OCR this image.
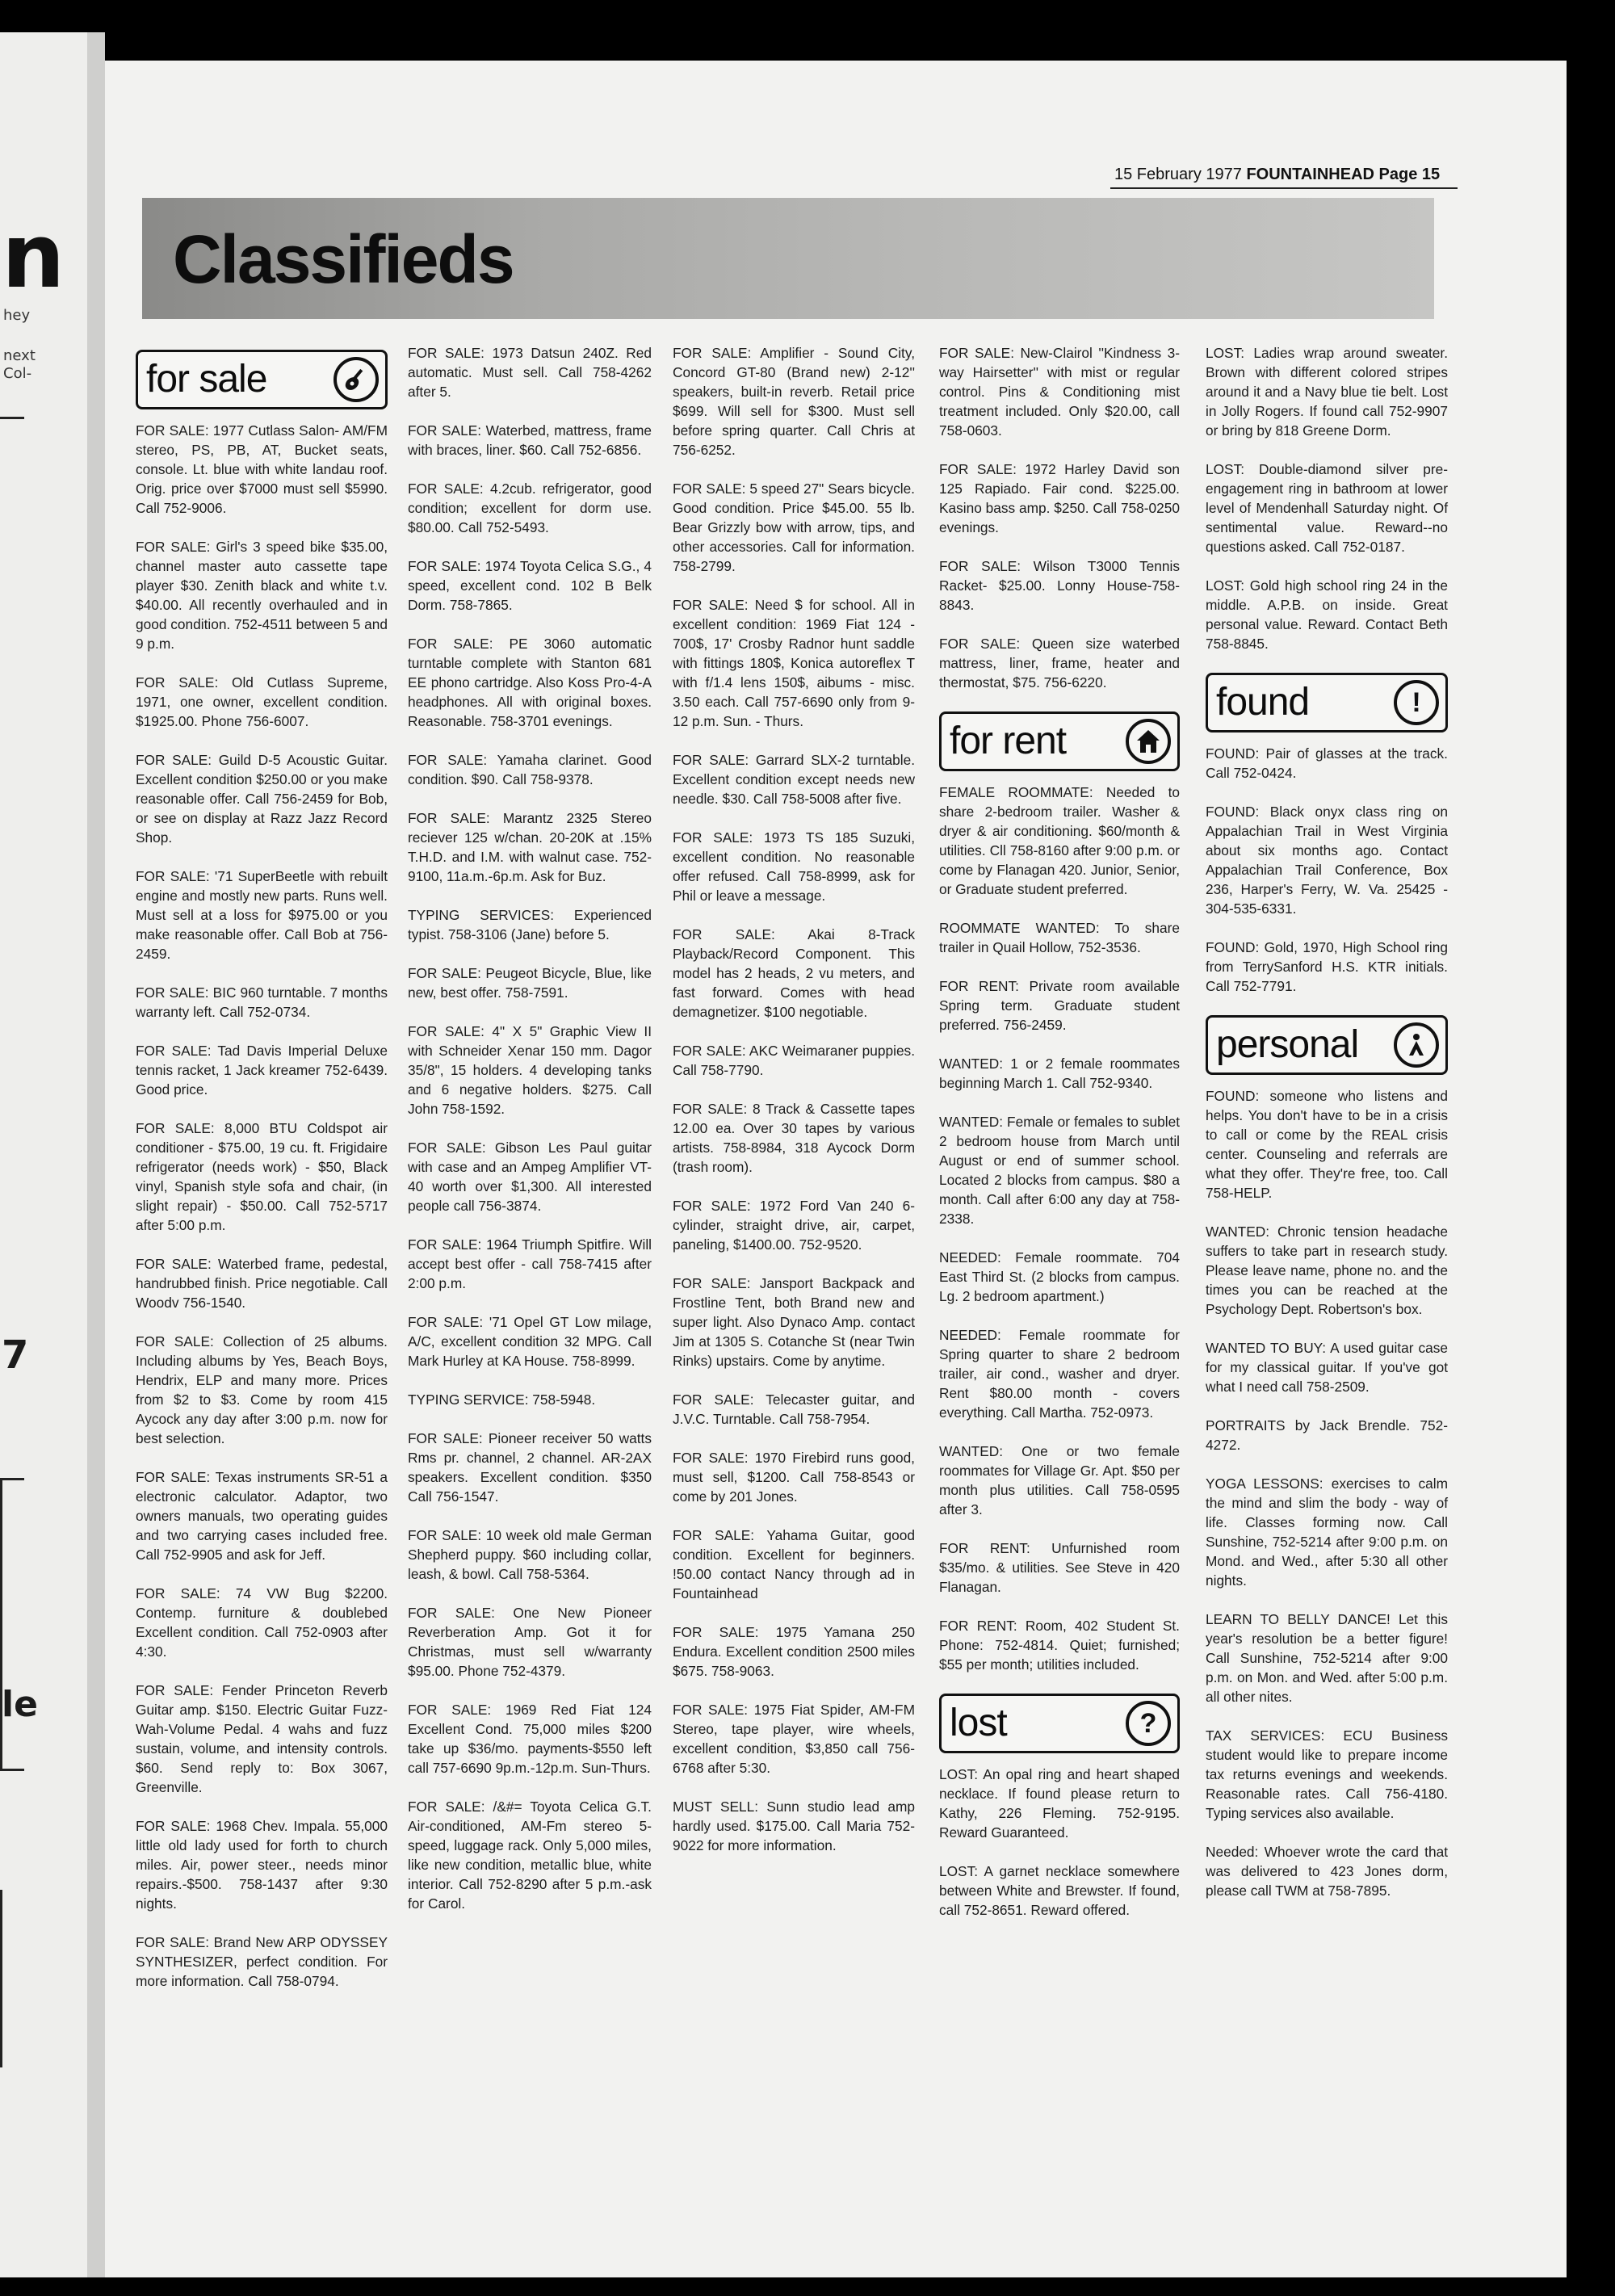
n
hey
next
Col-
7
le
15 February 1977 FOUNTAINHEAD Page 15
Classifieds
for sale

FOR SALE: 1977 Cutlass Salon- AM/FM stereo, PS, PB, AT, Bucket seats, console. Lt. blue with white landau roof. Orig. price over $7000 must sell $5990. Call 752-9006.

FOR SALE: Girl's 3 speed bike $35.00, channel master auto cassette tape player $30. Zenith black and white t.v. $40.00. All recently overhauled and in good condition. 752-4511 between 5 and 9 p.m.

FOR SALE: Old Cutlass Supreme, 1971, one owner, excellent condition. $1925.00. Phone 756-6007.

FOR SALE: Guild D-5 Acoustic Guitar. Excellent condition $250.00 or you make reasonable offer. Call 756-2459 for Bob, or see on display at Razz Jazz Record Shop.

FOR SALE: '71 SuperBeetle with rebuilt engine and mostly new parts. Runs well. Must sell at a loss for $975.00 or you make reasonable offer. Call Bob at 756-2459.

FOR SALE: BIC 960 turntable. 7 months warranty left. Call 752-0734.

FOR SALE: Tad Davis Imperial Deluxe tennis racket, 1 Jack kreamer 752-6439. Good price.

FOR SALE: 8,000 BTU Coldspot air conditioner - $75.00, 19 cu. ft. Frigidaire refrigerator (needs work) - $50, Black vinyl, Spanish style sofa and chair, (in slight repair) - $50.00. Call 752-5717 after 5:00 p.m.

FOR SALE: Waterbed frame, pedestal, handrubbed finish. Price negotiable. Call Woodv 756-1540.

FOR SALE: Collection of 25 albums. Including albums by Yes, Beach Boys, Hendrix, ELP and many more. Prices from $2 to $3. Come by room 415 Aycock any day after 3:00 p.m. now for best selection.

FOR SALE: Texas instruments SR-51 a electronic calculator. Adaptor, two owners manuals, two operating guides and two carrying cases included free. Call 752-9905 and ask for Jeff.

FOR SALE: 74 VW Bug $2200. Contemp. furniture & doublebed Excellent condition. Call 752-0903 after 4:30.

FOR SALE: Fender Princeton Reverb Guitar amp. $150. Electric Guitar Fuzz-Wah-Volume Pedal. 4 wahs and fuzz sustain, volume, and intensity controls. $60. Send reply to: Box 3067, Greenville.

FOR SALE: 1968 Chev. Impala. 55,000 little old lady used for forth to church miles. Air, power steer., needs minor repairs.-$500. 758-1437 after 9:30 nights.

FOR SALE: Brand New ARP ODYSSEY SYNTHESIZER, perfect condition. For more information. Call 758-0794.

FOR SALE: 1973 Datsun 240Z. Red automatic. Must sell. Call 758-4262 after 5.

FOR SALE: Waterbed, mattress, frame with braces, liner. $60. Call 752-6856.

FOR SALE: 4.2cub. refrigerator, good condition; excellent for dorm use. $80.00. Call 752-5493.

FOR SALE: 1974 Toyota Celica S.G., 4 speed, excellent cond. 102 B Belk Dorm. 758-7865.

FOR SALE: PE 3060 automatic turntable complete with Stanton 681 EE phono cartridge. Also Koss Pro-4-A headphones. All with original boxes. Reasonable. 758-3701 evenings.

FOR SALE: Yamaha clarinet. Good condition. $90. Call 758-9378.

FOR SALE: Marantz 2325 Stereo reciever 125 w/chan. 20-20K at .15% T.H.D. and I.M. with walnut case. 752-9100, 11a.m.-6p.m. Ask for Buz.

TYPING SERVICES: Experienced typist. 758-3106 (Jane) before 5.

FOR SALE: Peugeot Bicycle, Blue, like new, best offer. 758-7591.

FOR SALE: 4" X 5" Graphic View II with Schneider Xenar 150 mm. Dagor 35/8", 15 holders. 4 developing tanks and 6 negative holders. $275. Call John 758-1592.

FOR SALE: Gibson Les Paul guitar with case and an Ampeg Amplifier VT-40 worth over $1,300. All interested people call 756-3874.

FOR SALE: 1964 Triumph Spitfire. Will accept best offer - call 758-7415 after 2:00 p.m.

FOR SALE: '71 Opel GT Low milage, A/C, excellent condition 32 MPG. Call Mark Hurley at KA House. 758-8999.

TYPING SERVICE: 758-5948.

FOR SALE: Pioneer receiver 50 watts Rms pr. channel, 2 channel. AR-2AX speakers. Excellent condition. $350 Call 756-1547.

FOR SALE: 10 week old male German Shepherd puppy. $60 including collar, leash, & bowl. Call 758-5364.

FOR SALE: One New Pioneer Reverberation Amp. Got it for Christmas, must sell w/warranty $95.00. Phone 752-4379.

FOR SALE: 1969 Red Fiat 124 Excellent Cond. 75,000 miles $200 take up $36/mo. payments-$550 left call 757-6690 9p.m.-12p.m. Sun-Thurs.

FOR SALE: /&#= Toyota Celica G.T. Air-conditioned, AM-Fm stereo 5-speed, luggage rack. Only 5,000 miles, like new condition, metallic blue, white interior. Call 752-8290 after 5 p.m.-ask for Carol.

FOR SALE: Amplifier - Sound City, Concord GT-80 (Brand new) 2-12'' speakers, built-in reverb. Retail price $699. Will sell for $300. Must sell before spring quarter. Call Chris at 756-6252.

FOR SALE: 5 speed 27" Sears bicycle. Good condition. Price $45.00. 55 lb. Bear Grizzly bow with arrow, tips, and other accessories. Call for information. 758-2799.

FOR SALE: Need $ for school. All in excellent condition: 1969 Fiat 124 - 700$, 17' Crosby Radnor hunt saddle with fittings 180$, Konica autoreflex T with f/1.4 lens 150$, aibums - misc. 3.50 each. Call 757-6690 only from 9-12 p.m. Sun. - Thurs.

FOR SALE: Garrard SLX-2 turntable. Excellent condition except needs new needle. $30. Call 758-5008 after five.

FOR SALE: 1973 TS 185 Suzuki, excellent condition. No reasonable offer refused. Call 758-8999, ask for Phil or leave a message.

FOR SALE: Akai 8-Track Playback/Record Component. This model has 2 heads, 2 vu meters, and fast forward. Comes with head demagnetizer. $100 negotiable.

FOR SALE: AKC Weimaraner puppies. Call 758-7790.

FOR SALE: 8 Track & Cassette tapes 12.00 ea. Over 30 tapes by various artists. 758-8984, 318 Aycock Dorm (trash room).

FOR SALE: 1972 Ford Van 240 6-cylinder, straight drive, air, carpet, paneling, $1400.00. 752-9520.

FOR SALE: Jansport Backpack and Frostline Tent, both Brand new and super light. Also Dynaco Amp. contact Jim at 1305 S. Cotanche St (near Twin Rinks) upstairs. Come by anytime.

FOR SALE: Telecaster guitar, and J.V.C. Turntable. Call 758-7954.

FOR SALE: 1970 Firebird runs good, must sell, $1200. Call 758-8543 or come by 201 Jones.

FOR SALE: Yahama Guitar, good condition. Excellent for beginners. !50.00 contact Nancy through ad in Fountainhead

FOR SALE: 1975 Yamana 250 Endura. Excellent condition 2500 miles $675. 758-9063.

FOR SALE: 1975 Fiat Spider, AM-FM Stereo, tape player, wire wheels, excellent condition, $3,850 call 756-6768 after 5:30.

MUST SELL: Sunn studio lead amp hardly used. $175.00. Call Maria 752-9022 for more information.

FOR SALE: New-Clairol ''Kindness 3-way Hairsetter'' with mist or regular control. Pins & Conditioning mist treatment included. Only $20.00, call 758-0603.

FOR SALE: 1972 Harley David son 125 Rapiado. Fair cond. $225.00. Kasino bass amp. $250. Call 758-0250 evenings.

FOR SALE: Wilson T3000 Tennis Racket- $25.00. Lonny House-758-8843.

FOR SALE: Queen size waterbed mattress, liner, frame, heater and thermostat, $75. 756-6220.

for rent

FEMALE ROOMMATE: Needed to share 2-bedroom trailer. Washer & dryer & air conditioning. $60/month & utilities. Cll 758-8160 after 9:00 p.m. or come by Flanagan 420. Junior, Senior, or Graduate student preferred.

ROOMMATE WANTED: To share trailer in Quail Hollow, 752-3536.

FOR RENT: Private room available Spring term. Graduate student preferred. 756-2459.

WANTED: 1 or 2 female roommates beginning March 1. Call 752-9340.

WANTED: Female or females to sublet 2 bedroom house from March until August or end of summer school. Located 2 blocks from campus. $80 a month. Call after 6:00 any day at 758-2338.

NEEDED: Female roommate. 704 East Third St. (2 blocks from campus. Lg. 2 bedroom apartment.)

NEEDED: Female roommate for Spring quarter to share 2 bedroom trailer, air cond., washer and dryer. Rent $80.00 month - covers everything. Call Martha. 752-0973.

WANTED: One or two female roommates for Village Gr. Apt. $50 per month plus utilities. Call 758-0595 after 3.

FOR RENT: Unfurnished room $35/mo. & utilities. See Steve in 420 Flanagan.

FOR RENT: Room, 402 Student St. Phone: 752-4814. Quiet; furnished; $55 per month; utilities included.

lost	?

LOST: An opal ring and heart shaped necklace. If found please return to Kathy, 226 Fleming. 752-9195. Reward Guaranteed.

LOST: A garnet necklace somewhere between White and Brewster. If found, call 752-8651. Reward offered.

LOST: Ladies wrap around sweater. Brown with different colored stripes around it and a Navy blue tie belt. Lost in Jolly Rogers. If found call 752-9907 or bring by 818 Greene Dorm.

LOST: Double-diamond silver pre-engagement ring in bathroom at lower level of Mendenhall Saturday night. Of sentimental value. Reward--no questions asked. Call 752-0187.

LOST: Gold high school ring 24 in the middle. A.P.B. on inside. Great personal value. Reward. Contact Beth 758-8845.

found	!

FOUND: Pair of glasses at the track. Call 752-0424.

FOUND: Black onyx class ring on Appalachian Trail in West Virginia about six months ago. Contact Appalachian Trail Conference, Box 236, Harper's Ferry, W. Va. 25425 - 304-535-6331.

FOUND: Gold, 1970, High School ring from TerrySanford H.S. KTR initials. Call 752-7791.

personal

FOUND: someone who listens and helps. You don't have to be in a crisis to call or come by the REAL crisis center. Counseling and referrals are what they offer. They're free, too. Call 758-HELP.

WANTED: Chronic tension headache suffers to take part in research study. Please leave name, phone no. and the times you can be reached at the Psychology Dept. Robertson's box.

WANTED TO BUY: A used guitar case for my classical guitar. If you've got what I need call 758-2509.

PORTRAITS by Jack Brendle. 752-4272.

YOGA LESSONS: exercises to calm the mind and slim the body - way of life. Classes forming now. Call Sunshine, 752-5214 after 9:00 p.m. on Mond. and Wed., after 5:30 all other nights.

LEARN TO BELLY DANCE! Let this year's resolution be a better figure! Call Sunshine, 752-5214 after 9:00 p.m. on Mon. and Wed. after 5:00 p.m. all other nites.

TAX SERVICES: ECU Business student would like to prepare income tax returns evenings and weekends. Reasonable rates. Call 756-4180. Typing services also available.

Needed: Whoever wrote the card that was delivered to 423 Jones dorm, please call TWM at 758-7895.
